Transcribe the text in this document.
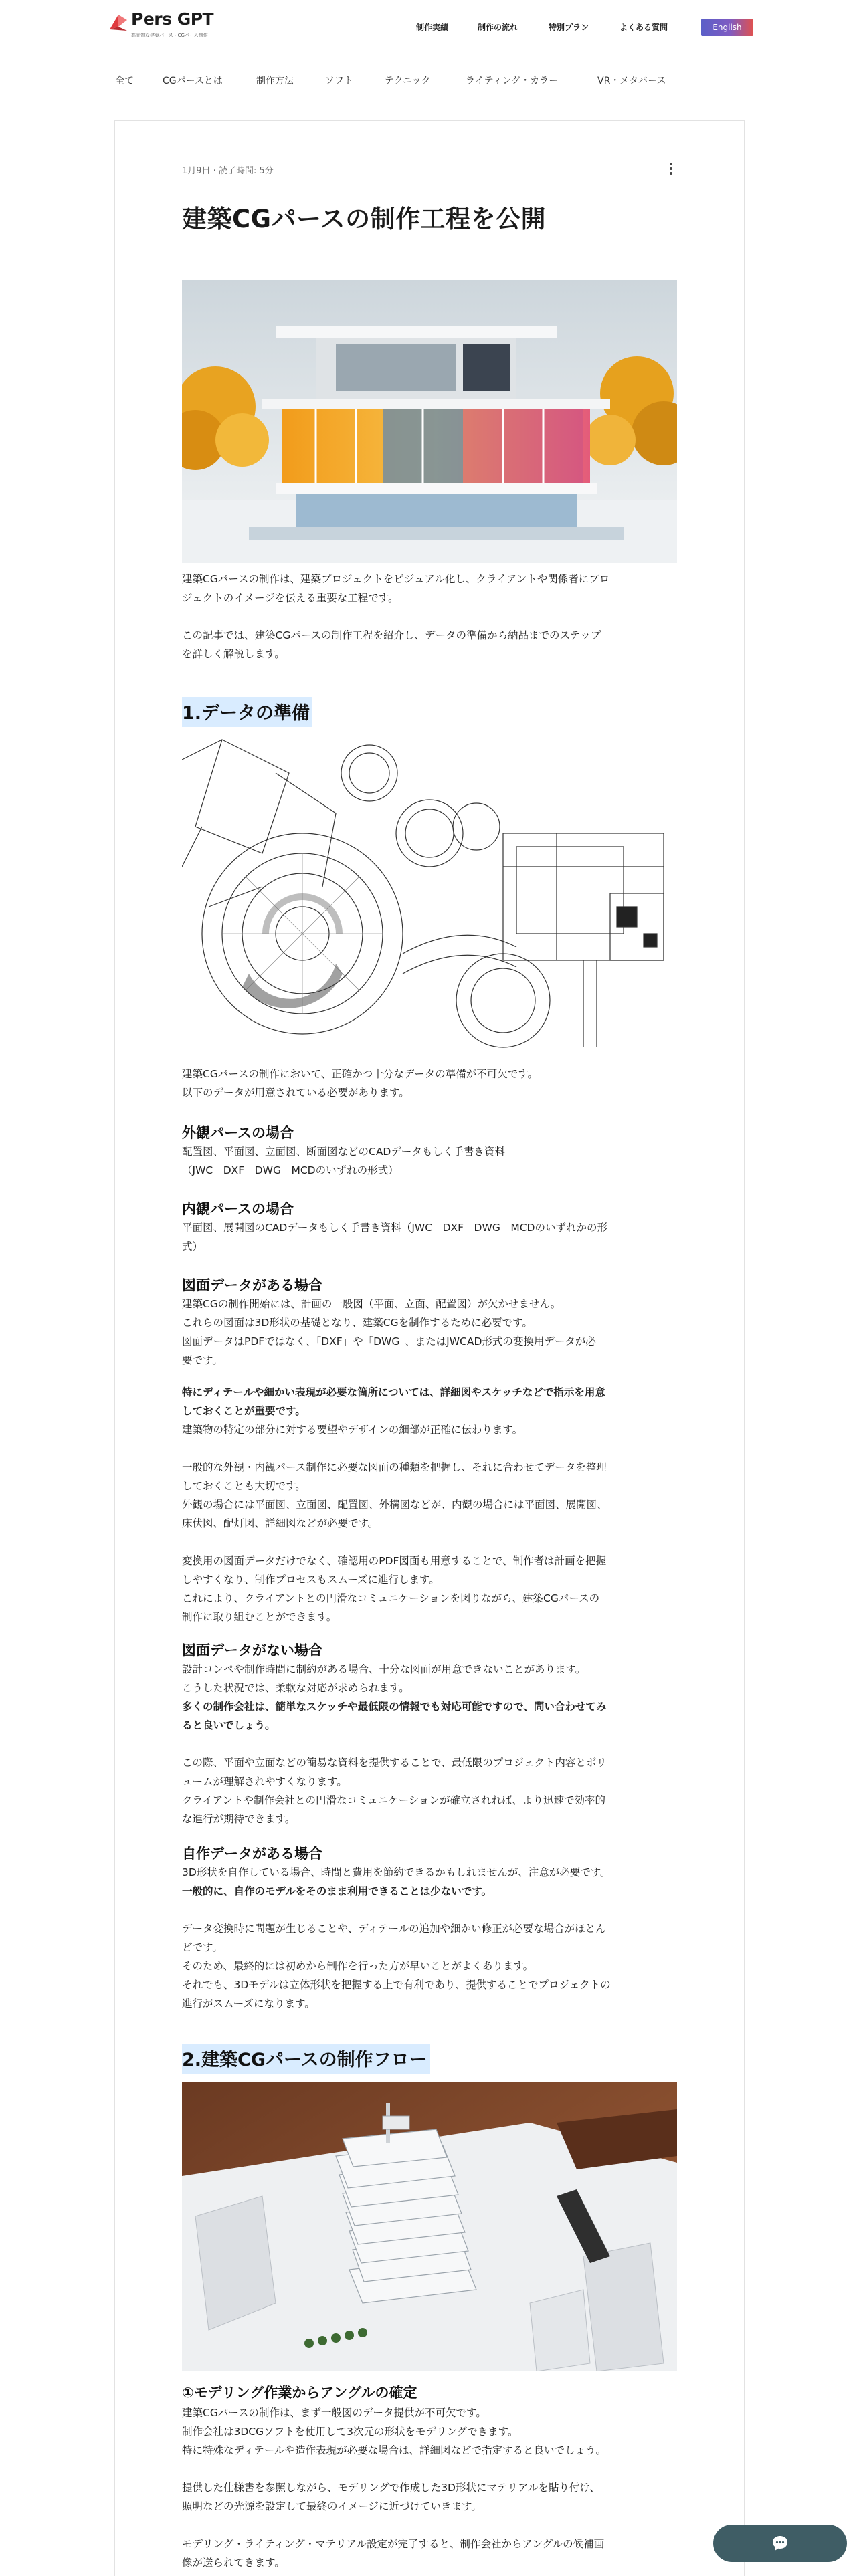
Pers GPT
高品質な建築パース・CGパース制作
制作実績	制作の流れ	特別プラン	よくある質問	English
全て	CGパースとは	制作方法	ソフト	テクニック	ライティング・カラー	VR・メタバース
1月9日 · 読了時間: 5分
建築CGパースの制作工程を公開
建築CGパースの制作は、建築プロジェクトをビジュアル化し、クライアントや関係者にプロ
ジェクトのイメージを伝える重要な工程です。

この記事では、建築CGパースの制作工程を紹介し、データの準備から納品までのステップ
を詳しく解説します。
1.データの準備
建築CGパースの制作において、正確かつ十分なデータの準備が不可欠です。
以下のデータが用意されている必要があります。
外観パースの場合
配置図、平面図、立面図、断面図などのCADデータもしく手書き資料
（JWC　DXF　DWG　MCDのいずれの形式）
内観パースの場合
平面図、展開図のCADデータもしく手書き資料（JWC　DXF　DWG　MCDのいずれかの形
式）
図面データがある場合
建築CGの制作開始には、計画の一般図（平面、立面、配置図）が欠かせません。
これらの図面は3D形状の基礎となり、建築CGを制作するために必要です。
図面データはPDFではなく、「DXF」や「DWG」、またはJWCAD形式の変換用データが必
要です。
特にディテールや細かい表現が必要な箇所については、詳細図やスケッチなどで指示を用意
しておくことが重要です。
建築物の特定の部分に対する要望やデザインの細部が正確に伝わります。

一般的な外観・内観パース制作に必要な図面の種類を把握し、それに合わせてデータを整理
しておくことも大切です。
外観の場合には平面図、立面図、配置図、外構図などが、内観の場合には平面図、展開図、
床伏図、配灯図、詳細図などが必要です。

変換用の図面データだけでなく、確認用のPDF図面も用意することで、制作者は計画を把握
しやすくなり、制作プロセスもスムーズに進行します。
これにより、クライアントとの円滑なコミュニケーションを図りながら、建築CGパースの
制作に取り組むことができます。
図面データがない場合
設計コンペや制作時間に制約がある場合、十分な図面が用意できないことがあります。
こうした状況では、柔軟な対応が求められます。
多くの制作会社は、簡単なスケッチや最低限の情報でも対応可能ですので、問い合わせてみ
ると良いでしょう。

この際、平面や立面などの簡易な資料を提供することで、最低限のプロジェクト内容とボリ
ュームが理解されやすくなります。
クライアントや制作会社との円滑なコミュニケーションが確立されれば、より迅速で効率的
な進行が期待できます。
自作データがある場合
3D形状を自作している場合、時間と費用を節約できるかもしれませんが、注意が必要です。
一般的に、自作のモデルをそのまま利用できることは少ないです。

データ変換時に問題が生じることや、ディテールの追加や細かい修正が必要な場合がほとん
どです。
そのため、最終的には初めから制作を行った方が早いことがよくあります。
それでも、3Dモデルは立体形状を把握する上で有利であり、提供することでプロジェクトの
進行がスムーズになります。
2.建築CGパースの制作フロー
①モデリング作業からアングルの確定
建築CGパースの制作は、まず一般図のデータ提供が不可欠です。
制作会社は3DCGソフトを使用して3次元の形状をモデリングできます。
特に特殊なディテールや造作表現が必要な場合は、詳細図などで指定すると良いでしょう。

提供した仕様書を参照しながら、モデリングで作成した3D形状にマテリアルを貼り付け、
照明などの光源を設定して最終のイメージに近づけていきます。

モデリング・ライティング・マテリアル設定が完了すると、制作会社からアングルの候補画
像が送られてきます。
